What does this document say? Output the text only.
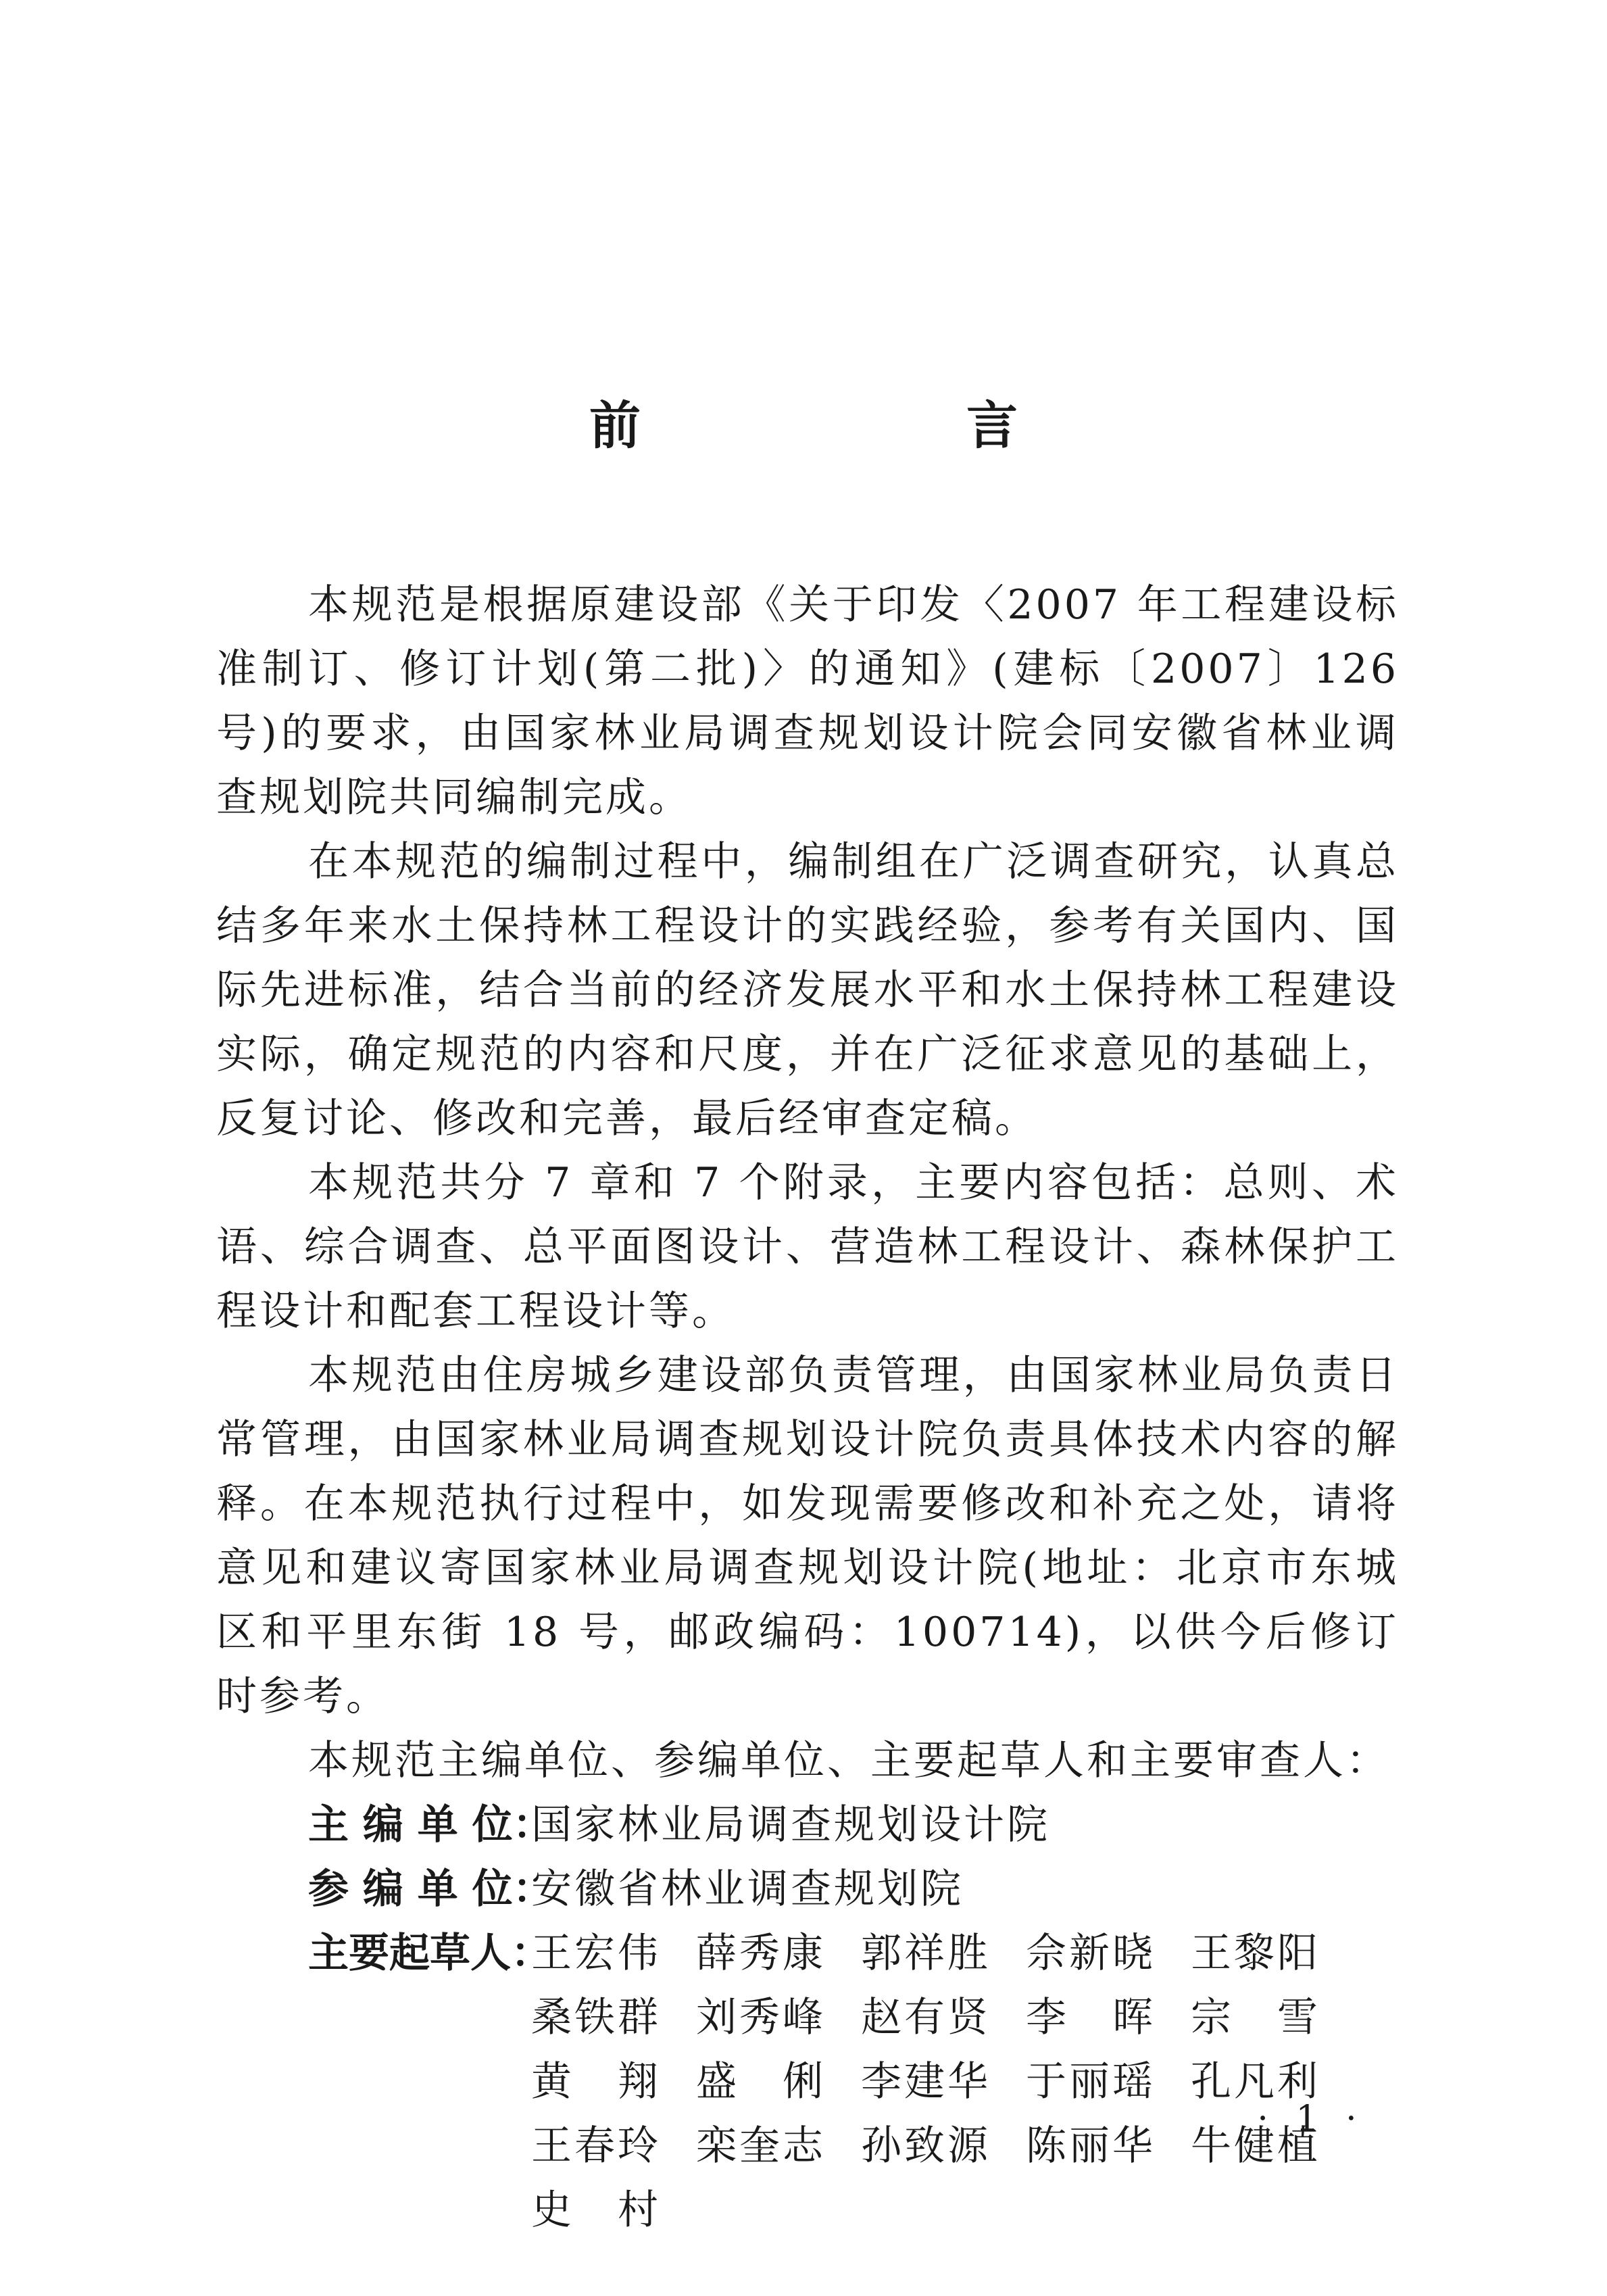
前　　言

本规范是根据原建设部《关于印发〈2007 年工程建设标准制订、修订计划(第二批)〉的通知》(建标〔2007〕126 号)的要求，由国家林业局调查规划设计院会同安徽省林业调查规划院共同编制完成。

在本规范的编制过程中，编制组在广泛调查研究，认真总结多年来水土保持林工程设计的实践经验，参考有关国内、国际先进标准，结合当前的经济发展水平和水土保持林工程建设实际，确定规范的内容和尺度，并在广泛征求意见的基础上，反复讨论、修改和完善，最后经审查定稿。

本规范共分 7 章和 7 个附录，主要内容包括：总则、术语、综合调查、总平面图设计、营造林工程设计、森林保护工程设计和配套工程设计等。

本规范由住房城乡建设部负责管理，由国家林业局负责日常管理，由国家林业局调查规划设计院负责具体技术内容的解释。在本规范执行过程中，如发现需要修改和补充之处，请将意见和建议寄国家林业局调查规划设计院(地址：北京市东城区和平里东街 18 号，邮政编码：100714)，以供今后修订时参考。

本规范主编单位、参编单位、主要起草人和主要审查人：

主 编 单 位：
国家林业局调查规划设计院
参 编 单 位：
安徽省林业调查规划院
主要起草人：
王宏伟 薛秀康 郭祥胜 佘新晓 王黎阳
桑铁群 刘秀峰 赵有贤 李　晖 宗　雪
黄　翔 盛　俐 李建华 于丽瑶 孔凡利
王春玲 栾奎志 孙致源 陈丽华 牛健植
史　村
· 1 ·
